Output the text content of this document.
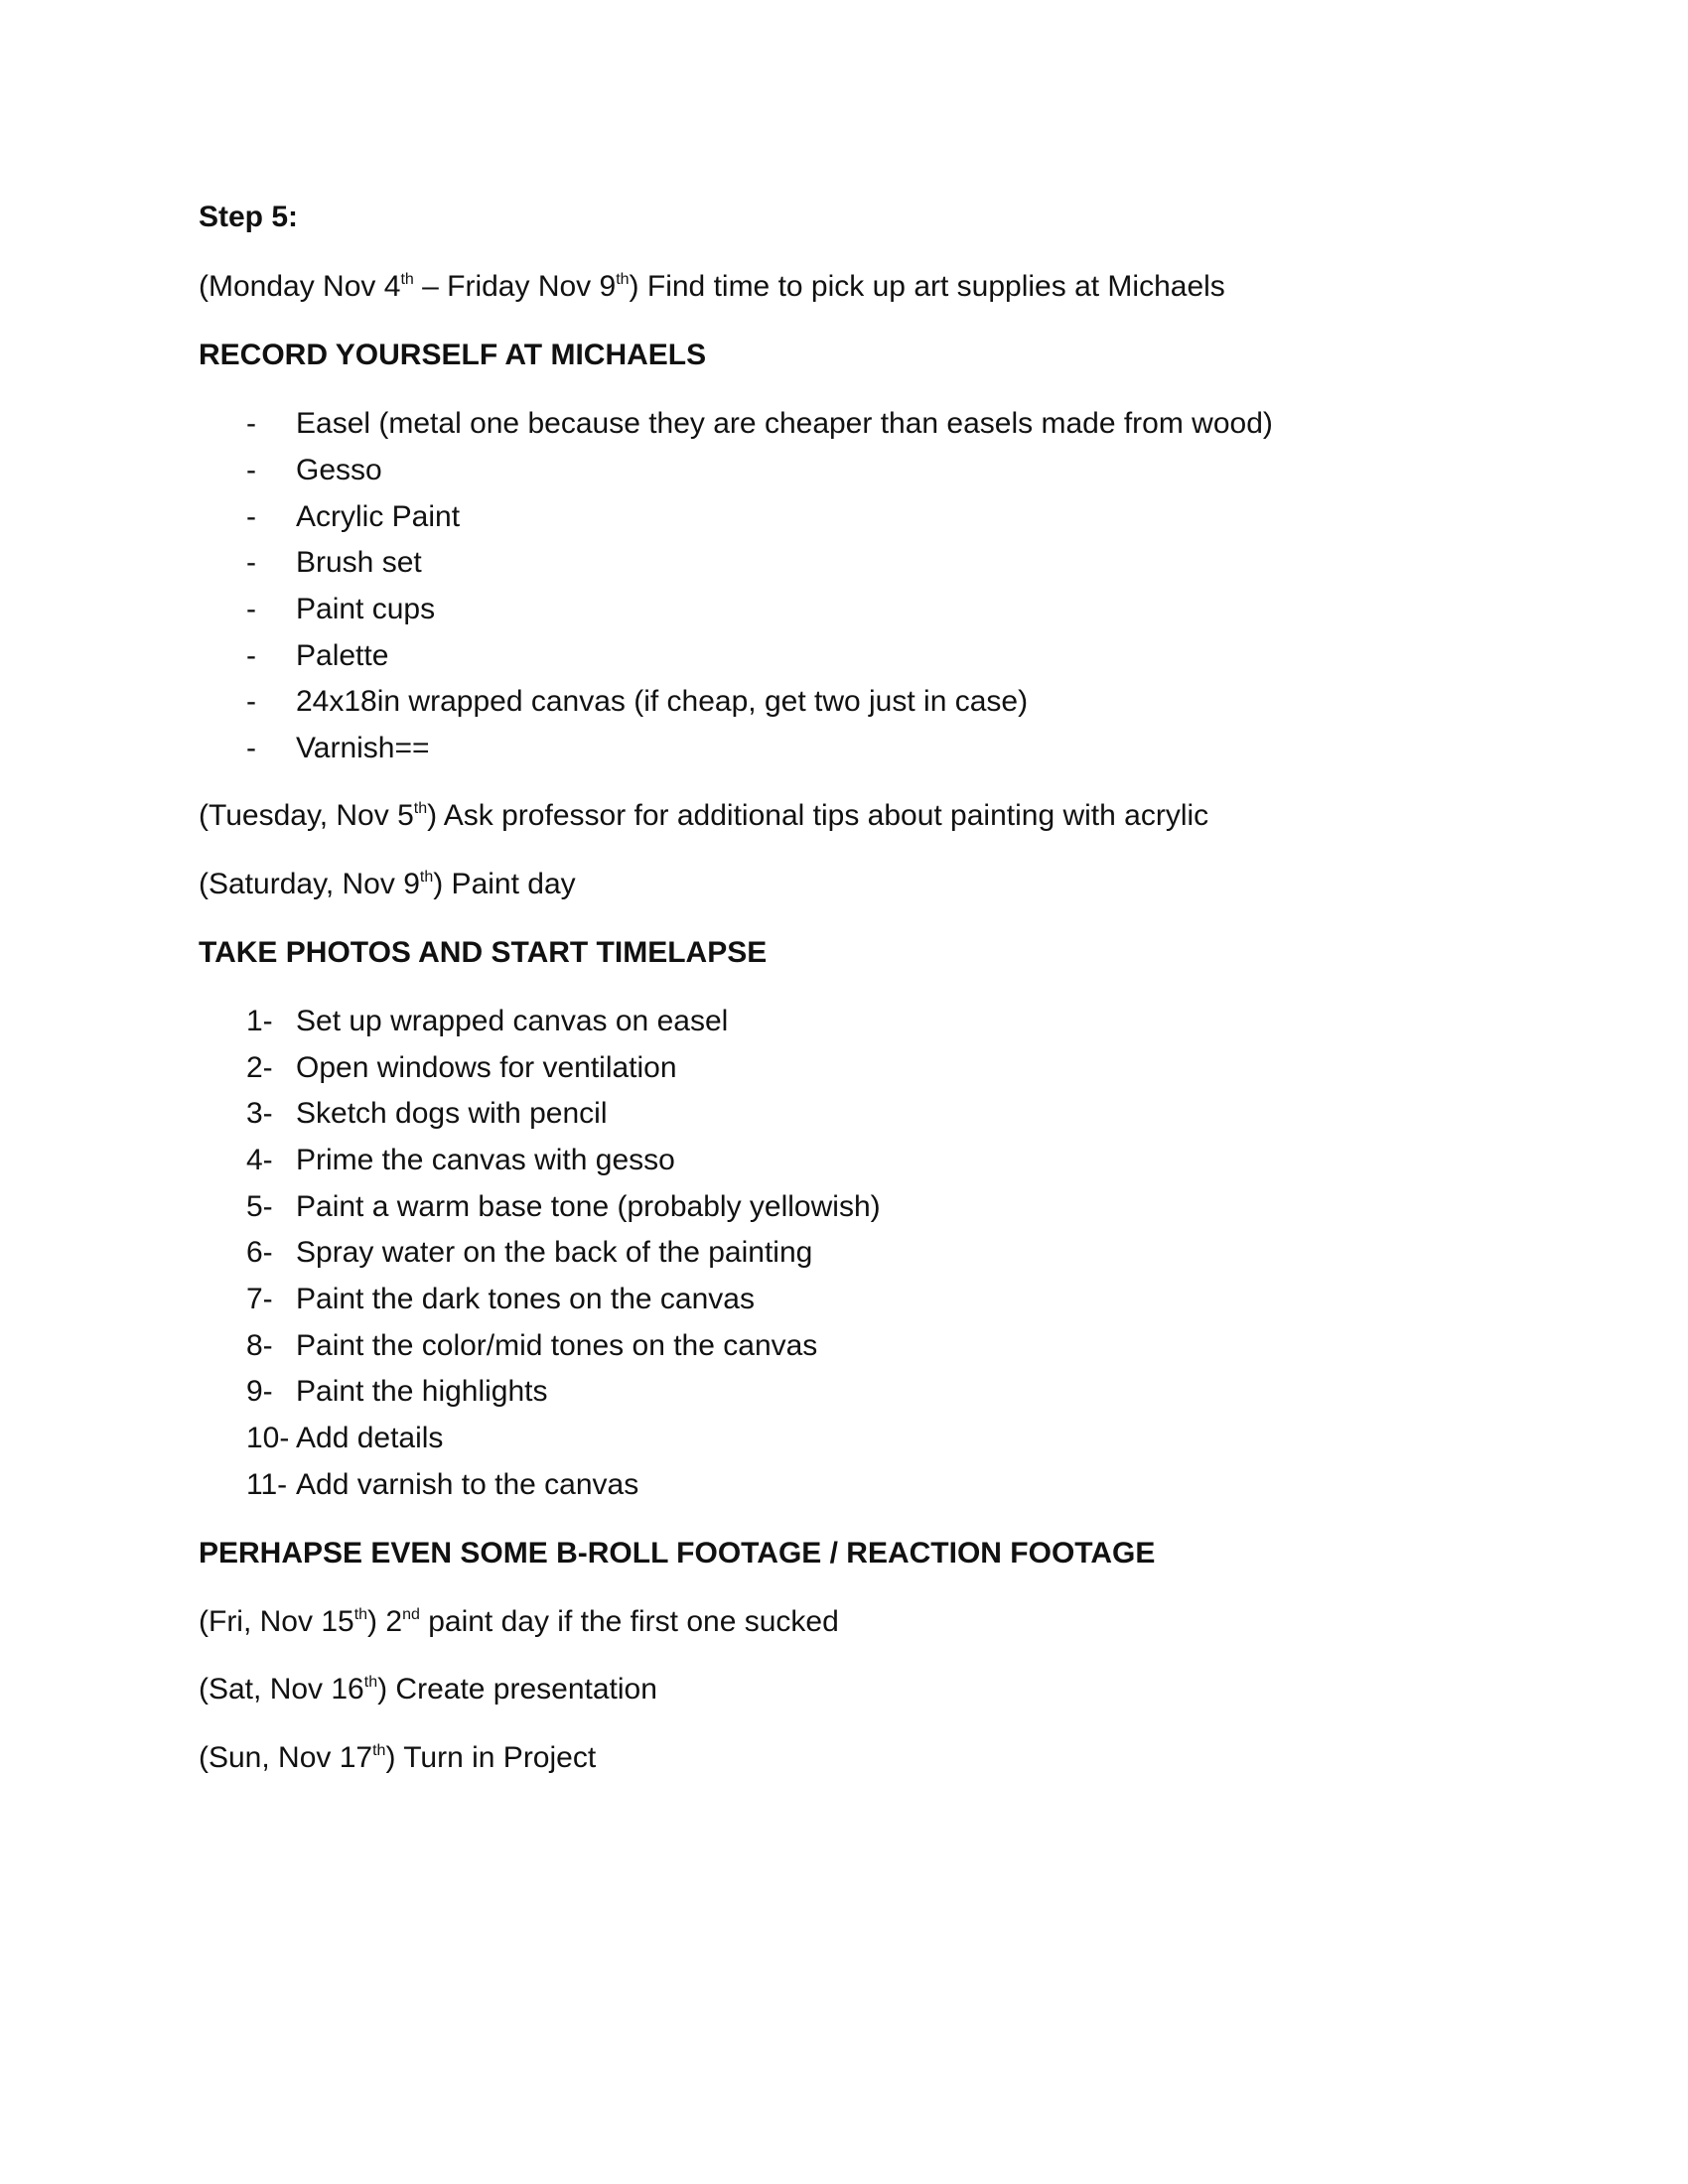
Step 5:
(Monday Nov 4th – Friday Nov 9th) Find time to pick up art supplies at Michaels
RECORD YOURSELF AT MICHAELS
- Easel (metal one because they are cheaper than easels made from wood)
- Gesso
- Acrylic Paint
- Brush set
- Paint cups
- Palette
- 24x18in wrapped canvas (if cheap, get two just in case)
- Varnish==
(Tuesday, Nov 5th) Ask professor for additional tips about painting with acrylic
(Saturday, Nov 9th) Paint day
TAKE PHOTOS AND START TIMELAPSE
1- Set up wrapped canvas on easel
2- Open windows for ventilation
3- Sketch dogs with pencil
4- Prime the canvas with gesso
5- Paint a warm base tone (probably yellowish)
6- Spray water on the back of the painting
7- Paint the dark tones on the canvas
8- Paint the color/mid tones on the canvas
9- Paint the highlights
10- Add details
11- Add varnish to the canvas
PERHAPSE EVEN SOME B-ROLL FOOTAGE / REACTION FOOTAGE
(Fri, Nov 15th) 2nd paint day if the first one sucked
(Sat, Nov 16th) Create presentation
(Sun, Nov 17th) Turn in Project
